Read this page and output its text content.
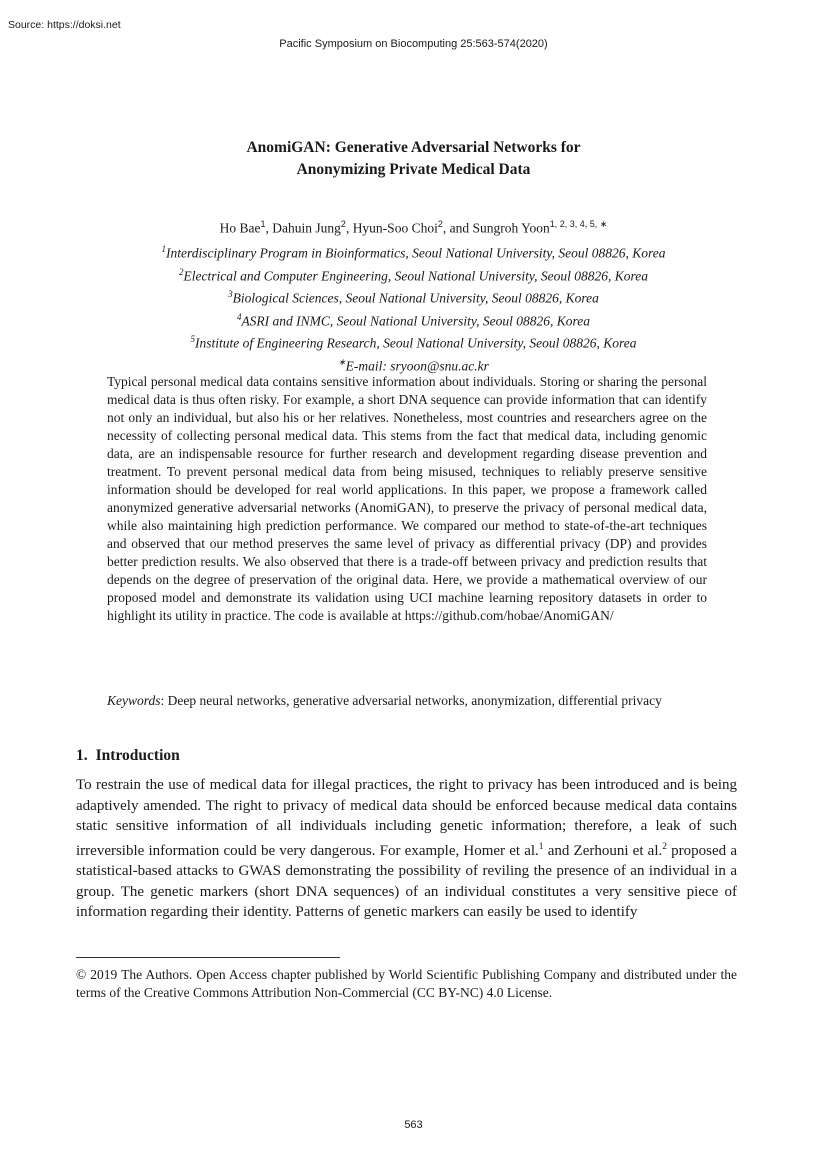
Source: https://doksi.net
Pacific Symposium on Biocomputing 25:563-574(2020)
AnomiGAN: Generative Adversarial Networks for
Anonymizing Private Medical Data
Ho Bae$^1$, Dahuin Jung$^2$, Hyun-Soo Choi$^2$, and Sungroh Yoon$^{1, 2, 3, 4, 5, ∗}$
$^1$Interdisciplinary Program in Bioinformatics, Seoul National University, Seoul 08826, Korea
$^2$Electrical and Computer Engineering, Seoul National University, Seoul 08826, Korea
$^3$Biological Sciences, Seoul National University, Seoul 08826, Korea
$^4$ASRI and INMC, Seoul National University, Seoul 08826, Korea
$^5$Institute of Engineering Research, Seoul National University, Seoul 08826, Korea
∗E-mail: sryoon@snu.ac.kr
Typical personal medical data contains sensitive information about individuals. Storing or sharing the personal medical data is thus often risky. For example, a short DNA sequence can provide information that can identify not only an individual, but also his or her relatives. Nonetheless, most countries and researchers agree on the necessity of collecting personal medical data. This stems from the fact that medical data, including genomic data, are an indispensable resource for further research and development regarding disease prevention and treatment. To prevent personal medical data from being misused, techniques to reliably preserve sensitive information should be developed for real world applications. In this paper, we propose a framework called anonymized generative adversarial networks (AnomiGAN), to preserve the privacy of personal medical data, while also maintaining high prediction performance. We compared our method to state-of-the-art techniques and observed that our method preserves the same level of privacy as differential privacy (DP) and provides better prediction results. We also observed that there is a trade-off between privacy and prediction results that depends on the degree of preservation of the original data. Here, we provide a mathematical overview of our proposed model and demonstrate its validation using UCI machine learning repository datasets in order to highlight its utility in practice. The code is available at https://github.com/hobae/AnomiGAN/
Keywords: Deep neural networks, generative adversarial networks, anonymization, differential privacy
1. Introduction
To restrain the use of medical data for illegal practices, the right to privacy has been introduced and is being adaptively amended. The right to privacy of medical data should be enforced because medical data contains static sensitive information of all individuals including genetic information; therefore, a leak of such irreversible information could be very dangerous. For example, Homer et al.$^1$ and Zerhouni et al.$^2$ proposed a statistical-based attacks to GWAS demonstrating the possibility of reviling the presence of an individual in a group. The genetic markers (short DNA sequences) of an individual constitutes a very sensitive piece of information regarding their identity. Patterns of genetic markers can easily be used to identify
© 2019 The Authors. Open Access chapter published by World Scientific Publishing Company and distributed under the terms of the Creative Commons Attribution Non-Commercial (CC BY-NC) 4.0 License.
563
